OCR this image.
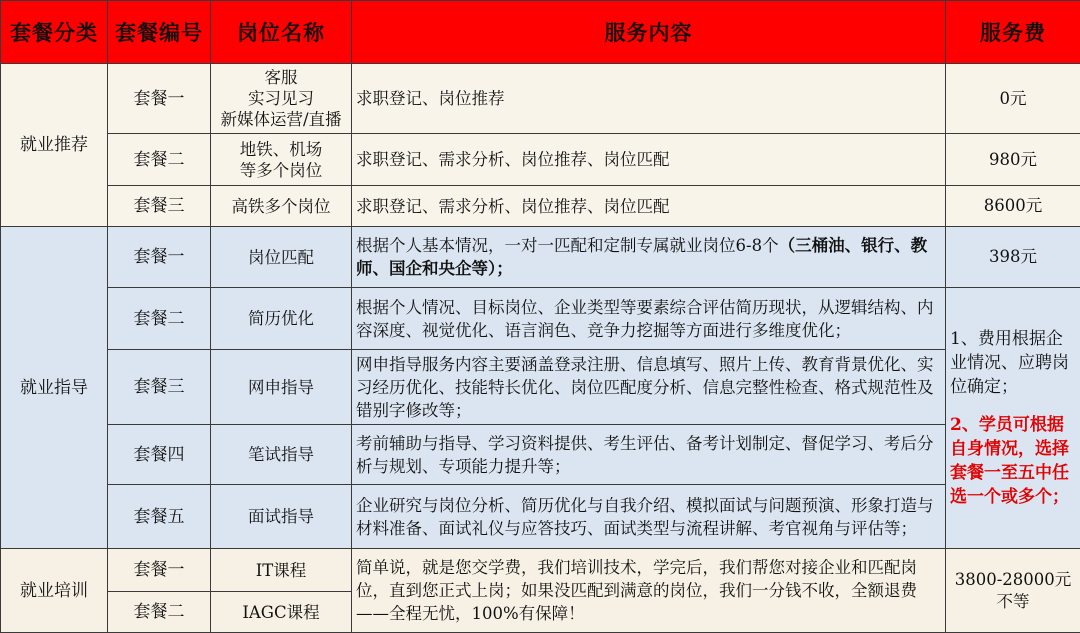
套餐分类	套餐编号	岗位名称	服务内容	服务费
就业推荐	套餐一	客服
实习见习
新媒体运营/直播	求职登记、岗位推荐	0元
	套餐二	地铁、机场
等多个岗位	求职登记、需求分析、岗位推荐、岗位匹配	980元
	套餐三	高铁多个岗位	求职登记、需求分析、岗位推荐、岗位匹配	8600元
就业指导	套餐一	岗位匹配	根据个人基本情况，一对一匹配和定制专属就业岗位6-8个（三桶油、银行、教师、国企和央企等）；	398元
	套餐二	简历优化	根据个人情况、目标岗位、企业类型等要素综合评估简历现状，从逻辑结构、内容深度、视觉优化、语言润色、竞争力挖掘等方面进行多维度优化；	1、费用根据企业情况、应聘岗位确定；
2、学员可根据自身情况，选择套餐一至五中任选一个或多个；

	套餐三	网申指导	网申指导服务内容主要涵盖登录注册、信息填写、照片上传、教育背景优化、实习经历优化、技能特长优化、岗位匹配度分析、信息完整性检查、格式规范性及错别字修改等；	
	套餐四	笔试指导	考前辅助与指导、学习资料提供、考生评估、备考计划制定、督促学习、考后分析与规划、专项能力提升等；	
	套餐五	面试指导	企业研究与岗位分析、简历优化与自我介绍、模拟面试与问题预演、形象打造与材料准备、面试礼仪与应答技巧、面试类型与流程讲解、考官视角与评估等；	
就业培训	套餐一	IT课程	简单说，就是您交学费，我们培训技术，学完后，我们帮您对接企业和匹配岗位，直到您正式上岗；如果没匹配到满意的岗位，我们一分钱不收，全额退费——全程无忧，100%有保障！	3800-28000元
不等
	套餐二	IAGC课程		
